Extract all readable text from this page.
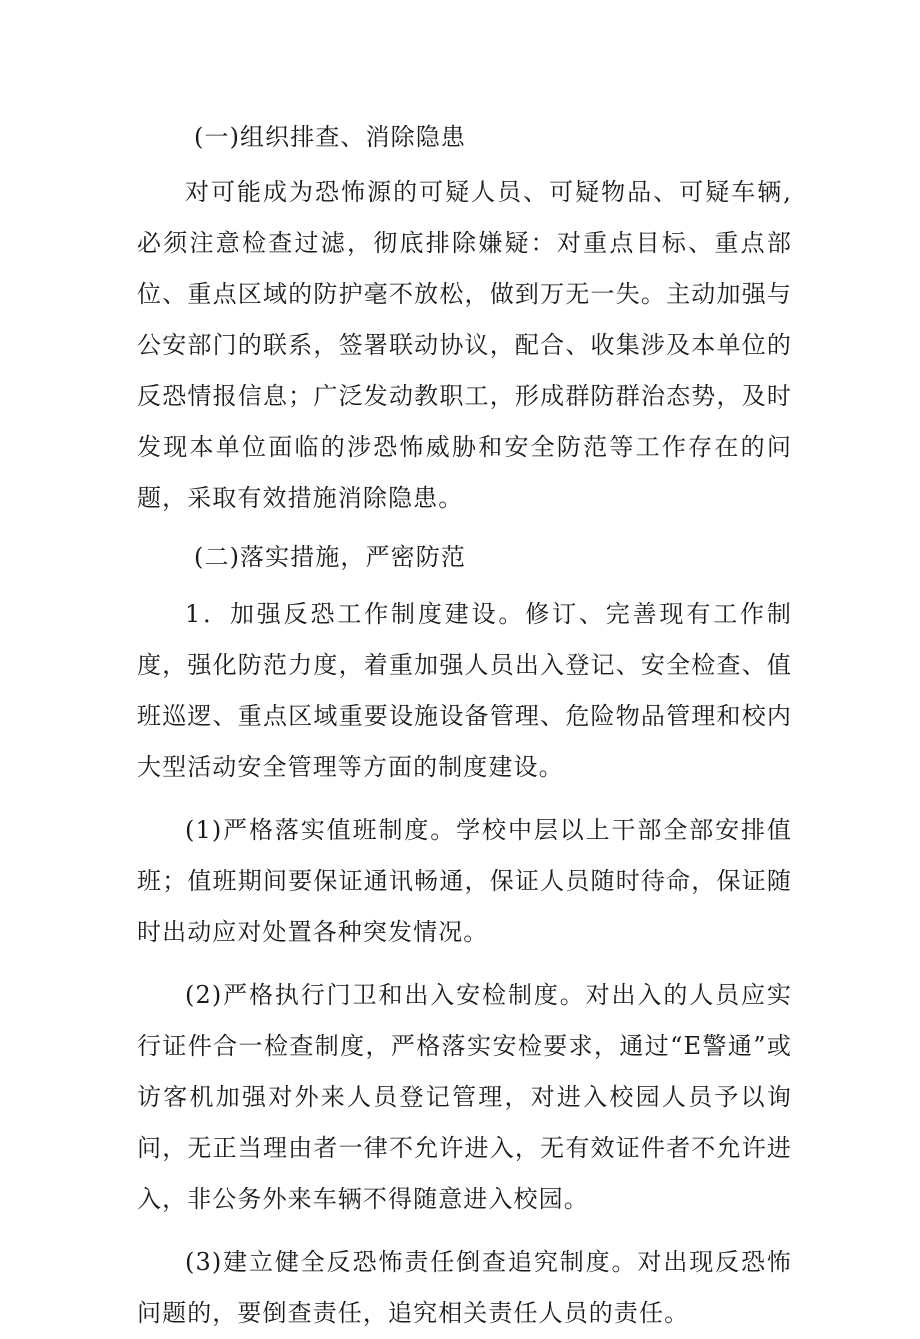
(一)组织排查、消除隐患

对可能成为恐怖源的可疑人员、可疑物品、可疑车辆,必须注意检查过滤，彻底排除嫌疑：对重点目标、重点部位、重点区域的防护毫不放松，做到万无一失。主动加强与公安部门的联系，签署联动协议，配合、收集涉及本单位的反恐情报信息；广泛发动教职工，形成群防群治态势，及时发现本单位面临的涉恐怖威胁和安全防范等工作存在的问题，采取有效措施消除隐患。

(二)落实措施，严密防范

1．加强反恐工作制度建设。修订、完善现有工作制度，强化防范力度，着重加强人员出入登记、安全检查、值班巡逻、重点区域重要设施设备管理、危险物品管理和校内大型活动安全管理等方面的制度建设。

(1)严格落实值班制度。学校中层以上干部全部安排值班；值班期间要保证通讯畅通，保证人员随时待命，保证随时出动应对处置各种突发情况。

(2)严格执行门卫和出入安检制度。对出入的人员应实行证件合一检查制度，严格落实安检要求，通过“E警通”或访客机加强对外来人员登记管理，对进入校园人员予以询问，无正当理由者一律不允许进入，无有效证件者不允许进入，非公务外来车辆不得随意进入校园。

(3)建立健全反恐怖责任倒查追究制度。对出现反恐怖问题的，要倒查责任，追究相关责任人员的责任。
